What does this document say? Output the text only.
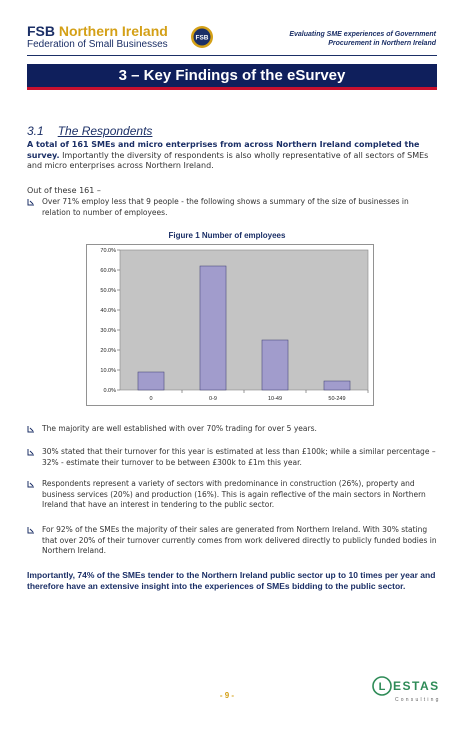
FSB Northern Ireland
Federation of Small Businesses
FSB	Evaluating SME experiences of Government
Procurement in Northern Ireland
3 – Key Findings of the eSurvey
3.1 The Respondents
A total of 161 SMEs and micro enterprises from across Northern Ireland completed the survey. Importantly the diversity of respondents is also wholly representative of all sectors of SMEs and micro enterprises across Northern Ireland.
Out of these 161 –
Over 71% employ less that 9 people - the following shows a summary of the size of businesses in relation to number of employees.
Figure 1 Number of employees
0.0%
10.0%
20.0%
30.0%
40.0%
50.0%
60.0%
70.0%
0	0-9	10-49	50-249
The majority are well established with over 70% trading for over 5 years.
30% stated that their turnover for this year is estimated at less than £100k; while a similar percentage – 32% - estimate their turnover to be between £300k to £1m this year.
Respondents represent a variety of sectors with predominance in construction (26%), property and business services (20%) and production (16%). This is again reflective of the main sectors in Northern Ireland that have an interest in tendering to the public sector.
For 92% of the SMEs the majority of their sales are generated from Northern Ireland. With 30% stating that over 20% of their turnover currently comes from work delivered directly to publicly funded bodies in Northern Ireland.
Importantly, 74% of the SMEs tender to the Northern Ireland public sector up to 10 times per year and therefore have an extensive insight into the experiences of SMEs bidding to the public sector.
- 9 -
L ESTAS
Consulting
